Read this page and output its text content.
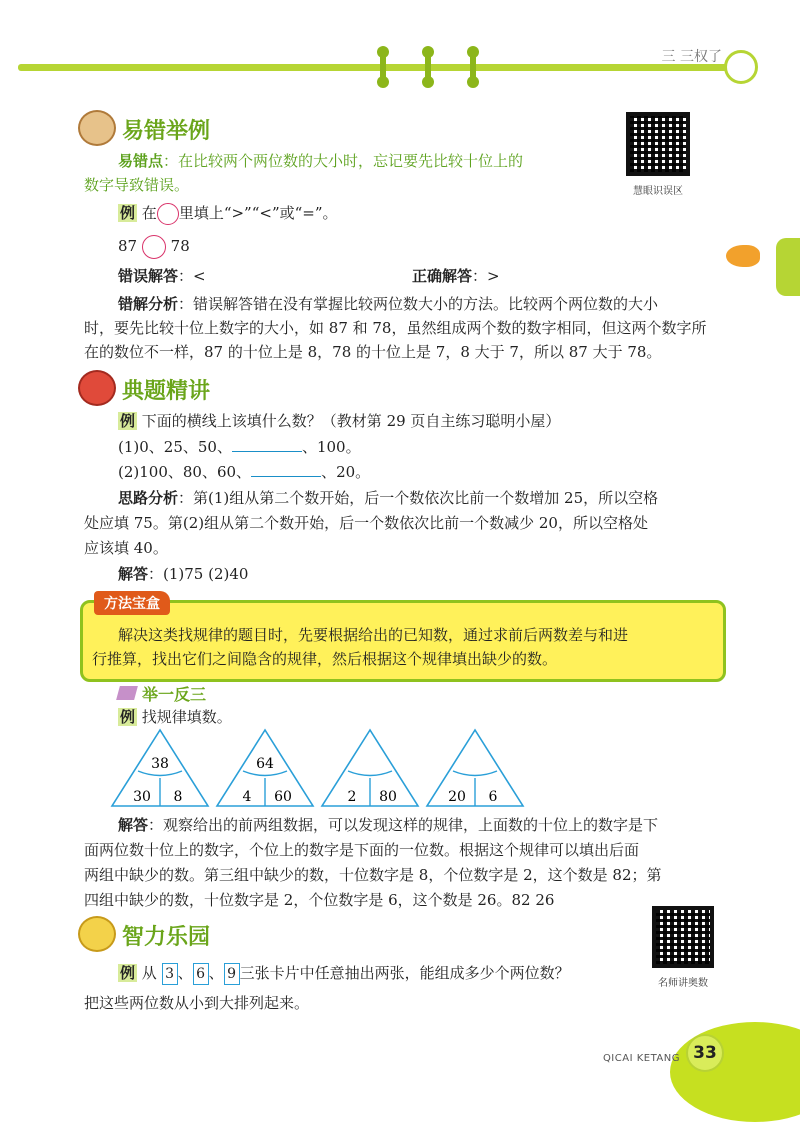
三 三权了
易错举例
慧眼识误区
易错点：在比较两个两位数的大小时，忘记要先比较十位上的
数字导致错误。
例 在 里填上“>”“<”或“=”。
87 78
错误解答：<	正确解答：>
错解分析：错误解答错在没有掌握比较两位数大小的方法。比较两个两位数的大小
时，要先比较十位上数字的大小，如 87 和 78，虽然组成两个数的数字相同，但这两个数字所
在的数位不一样，87 的十位上是 8，78 的十位上是 7，8 大于 7，所以 87 大于 78。
典题精讲
例 下面的横线上该填什么数？（教材第 29 页自主练习聪明小屋）
(1)0、25、50、	、100。
(2)100、80、60、	、20。
思路分析：第(1)组从第二个数开始，后一个数依次比前一个数增加 25，所以空格
处应填 75。第(2)组从第二个数开始，后一个数依次比前一个数减少 20，所以空格处
应该填 40。
解答：(1)75 (2)40
方法宝盒
解决这类找规律的题目时，先要根据给出的已知数，通过求前后两数差与和进
行推算，找出它们之间隐含的规律，然后根据这个规律填出缺少的数。
举一反三
例 找规律填数。
38
30 8
64
4 60	2 80	20 6
解答：观察给出的前两组数据，可以发现这样的规律，上面数的十位上的数字是下
面两位数十位上的数字，个位上的数字是下面的一位数。根据这个规律可以填出后面
两组中缺少的数。第三组中缺少的数，十位数字是 8，个位数字是 2，这个数是 82；第
四组中缺少的数，十位数字是 2，个位数字是 6，这个数是 26。82 26
智力乐园
名师讲奥数
例 从 3 、 6 、 9 三张卡片中任意抽出两张，能组成多少个两位数？
把这些两位数从小到大排列起来。
QICAI KETANG 33
